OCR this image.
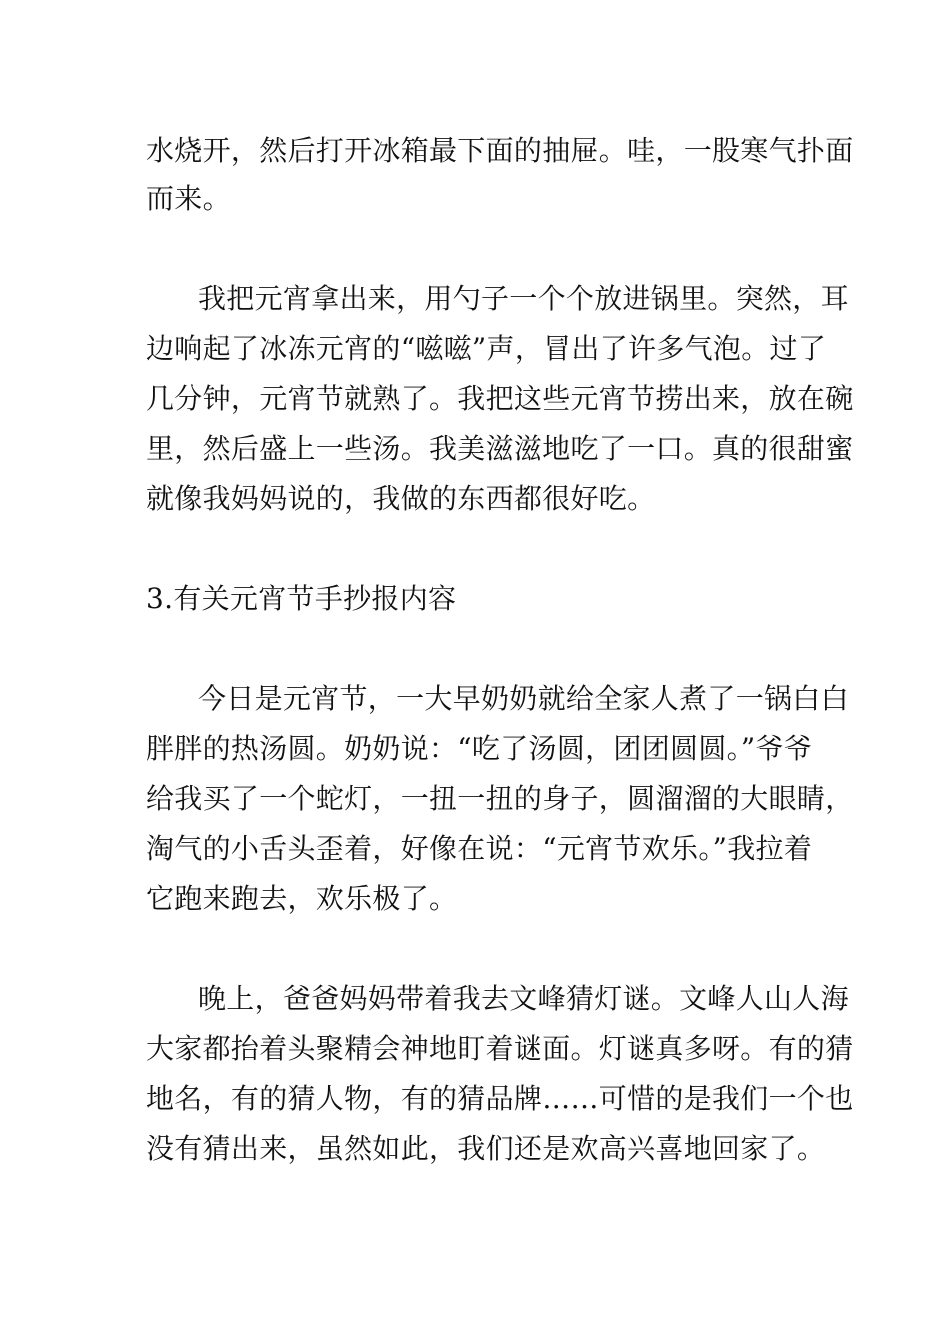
水烧开，然后打开冰箱最下面的抽屉。哇，一股寒气扑面
而来。
我把元宵拿出来，用勺子一个个放进锅里。突然，耳
边响起了冰冻元宵的“嗞嗞”声，冒出了许多气泡。过了
几分钟，元宵节就熟了。我把这些元宵节捞出来，放在碗
里，然后盛上一些汤。我美滋滋地吃了一口。真的很甜蜜
就像我妈妈说的，我做的东西都很好吃。
3.有关元宵节手抄报内容
今日是元宵节，一大早奶奶就给全家人煮了一锅白白
胖胖的热汤圆。奶奶说：“吃了汤圆，团团圆圆。”爷爷
给我买了一个蛇灯，一扭一扭的身子，圆溜溜的大眼睛，
淘气的小舌头歪着，好像在说：“元宵节欢乐。”我拉着
它跑来跑去，欢乐极了。
晚上，爸爸妈妈带着我去文峰猜灯谜。文峰人山人海
大家都抬着头聚精会神地盯着谜面。灯谜真多呀。有的猜
地名，有的猜人物，有的猜品牌……可惜的是我们一个也
没有猜出来，虽然如此，我们还是欢高兴喜地回家了。
